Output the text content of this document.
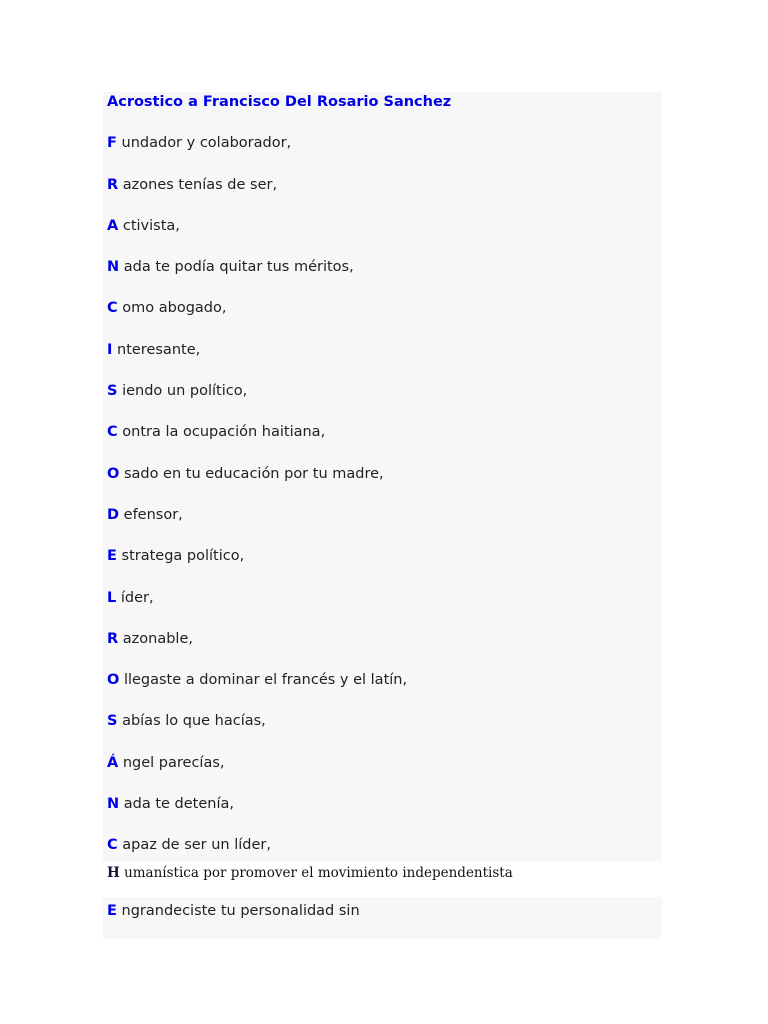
Acrostico a Francisco Del Rosario Sanchez
F undador y colaborador,
R azones tenías de ser,
A ctivista,
N ada te podía quitar tus méritos,
C omo abogado,
I nteresante,
S iendo un político,
C ontra la ocupación haitiana,
O sado en tu educación por tu madre,
D efensor,
E stratega político,
L íder,
R azonable,
O llegaste a dominar el francés y el latín,
S abías lo que hacías,
Á ngel parecías,
N ada te detenía,
C apaz de ser un líder,
H umanística por promover el movimiento independentista
E ngrandeciste tu personalidad sin
